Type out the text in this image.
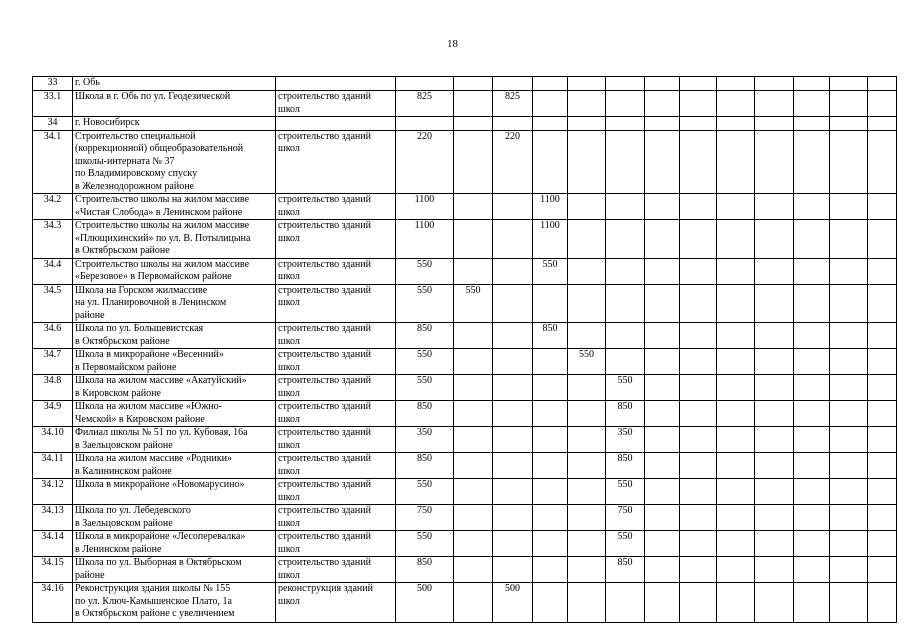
18
33	г. Обь														
33.1	Школа в г. Обь по ул. Геодезической	строительство зданий
школ	825		825										
34	г. Новосибирск														
34.1	Строительство специальной
(коррекционной) общеобразовательной
школы-интерната № 37
по Владимировскому спуску
в Железнодорожном районе	строительство зданий
школ	220		220										
34.2	Строительство школы на жилом массиве
«Чистая Слобода» в Ленинском районе	строительство зданий
школ	1100			1100									
34.3	Строительство школы на жилом массиве
«Плющихинский» по ул. В. Потылицына
в Октябрьском районе	строительство зданий
школ	1100			1100									
34.4	Строительство школы на жилом массиве
«Березовое» в Первомайском районе	строительство зданий
школ	550			550									
34.5	Школа на Горском жилмассиве
на ул. Планировочной в Ленинском
районе	строительство зданий
школ	550	550											
34.6	Школа по ул. Большевистская
в Октябрьском районе	строительство зданий
школ	850			850									
34.7	Школа в микрорайоне «Весенний»
в Первомайском районе	строительство зданий
школ	550				550								
34.8	Школа на жилом массиве «Акатуйский»
в Кировском районе	строительство зданий
школ	550					550							
34.9	Школа на жилом массиве «Южно-
Чемской» в Кировском районе	строительство зданий
школ	850					850							
34.10	Филиал школы № 51 по ул. Кубовая, 16а
в Заельцовском районе	строительство зданий
школ	350					350							
34.11	Школа на жилом массиве «Родники»
в Калининском районе	строительство зданий
школ	850					850							
34.12	Школа в микрорайоне «Новомарусино»	строительство зданий
школ	550					550							
34.13	Школа по ул. Лебедевского
в Заельцовском районе	строительство зданий
школ	750					750							
34.14	Школа в микрорайоне «Лесоперевалка»
в Ленинском районе	строительство зданий
школ	550					550							
34.15	Школа по ул. Выборная в Октябрьском
районе	строительство зданий
школ	850					850							
34.16	Реконструкция здания школы № 155
по ул. Ключ-Камышенское Плато, 1а
в Октябрьском районе с увеличением	реконструкция зданий
школ	500		500										
